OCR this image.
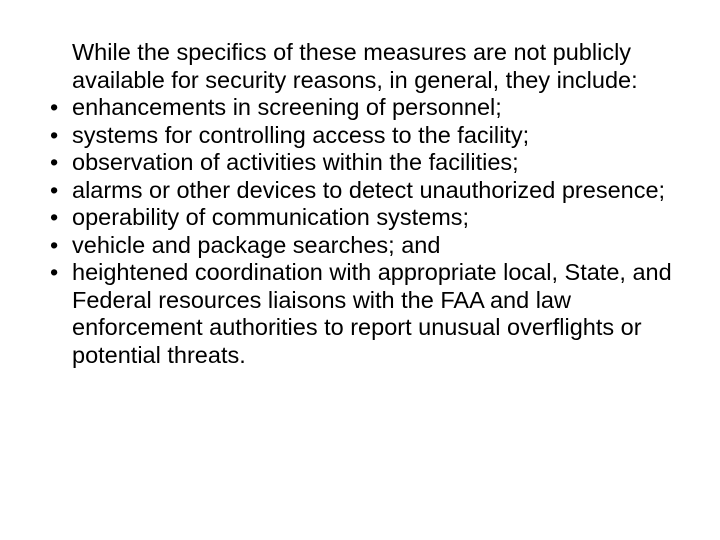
While the specifics of these measures are not publicly available for security reasons, in general, they include:

• enhancements in screening of personnel;
• systems for controlling access to the facility;
• observation of activities within the facilities;
• alarms or other devices to detect unauthorized presence;
• operability of communication systems;
• vehicle and package searches; and
• heightened coordination with appropriate local, State, and Federal resources liaisons with the FAA and law enforcement authorities to report unusual overflights or potential threats.
